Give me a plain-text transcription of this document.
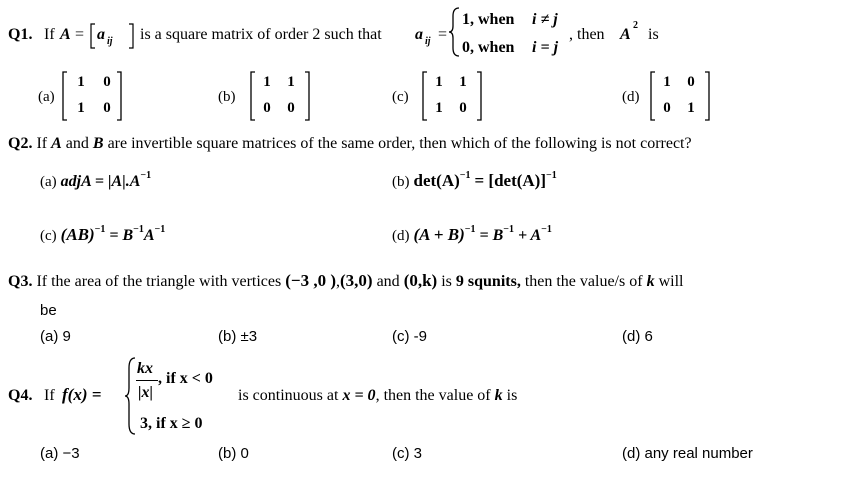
Q1. If A = a ij is a square matrix of order 2 such that a ij =
1, when i ≠ j
0, when i = j
, then A
2
is
(a)
1 0
1 0
(b)
1 1
0 0
(c)
1 1
1 0
(d)
1 0
0 1
Q2. If A and B are invertible square matrices of the same order, then which of the following is not correct?
(a) adjA = $|A|.A^{-1}$	(b) $\det(A)^{-1} = [\det(A)]^{-1}$
(c) $(AB)^{-1} = B^{-1}A^{-1}$	(d) $(A + B)^{-1} = B^{-1} + A^{-1}$
Q3. If the area of the triangle with vertices (−3 ,0 ),(3,0) and (0,k) is 9 squnits, then the value/s of k will
be
(a) 9	(b) ±3	(c) -9	(d) 6
Q4. If f(x) =
kx
|x|
, if x < 0
3, if x ≥ 0
is continuous at x = 0, then the value of k is
(a) −3	(b) 0	(c) 3	(d) any real number
